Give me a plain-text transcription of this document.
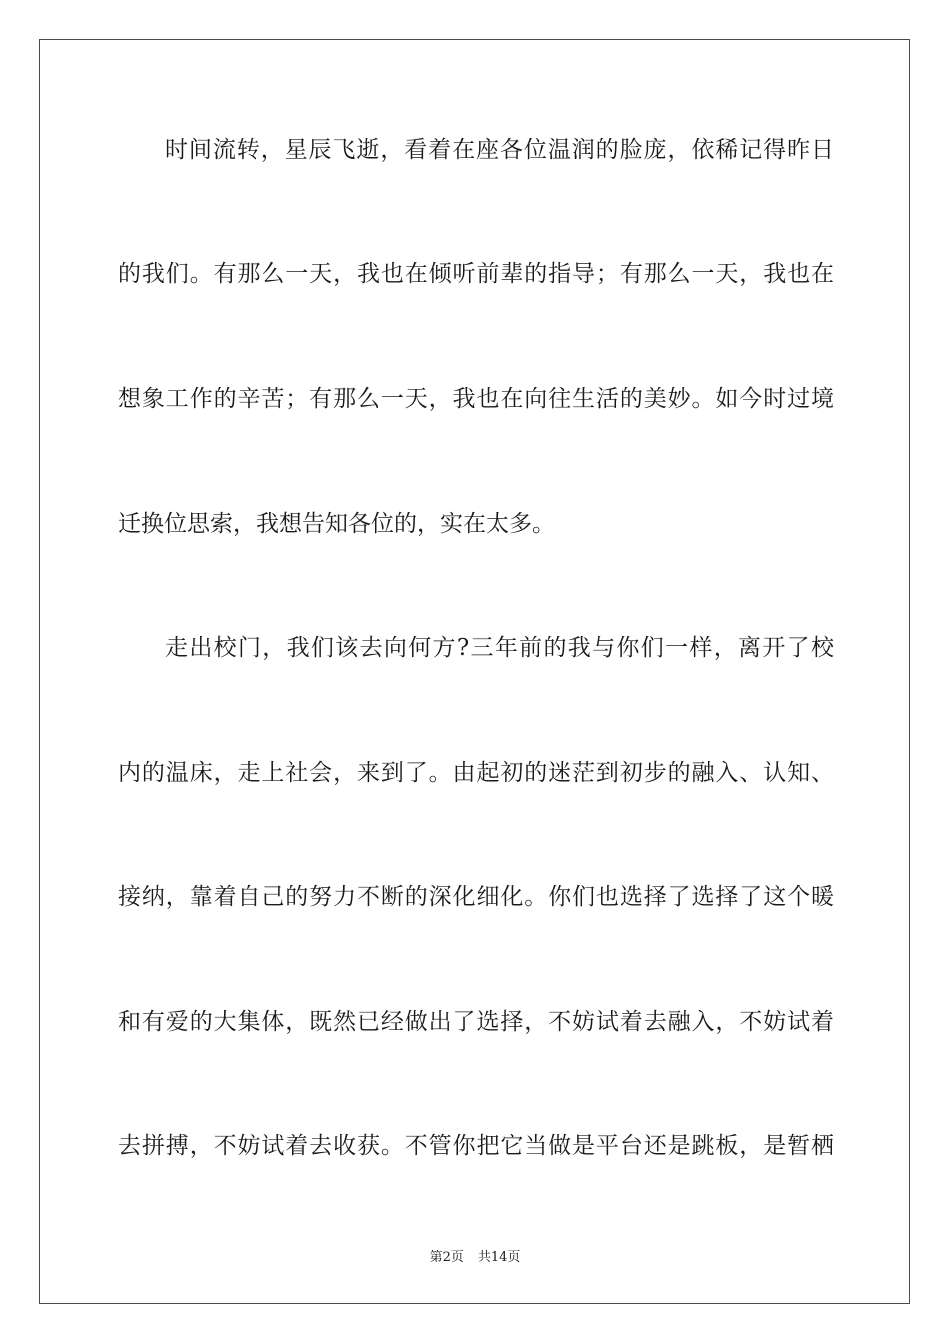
时间流转，星辰飞逝，看着在座各位温润的脸庞，依稀记得昨日
的我们。有那么一天，我也在倾听前辈的指导；有那么一天，我也在
想象工作的辛苦；有那么一天，我也在向往生活的美妙。如今时过境
迁换位思索，我想告知各位的，实在太多。
走出校门，我们该去向何方?三年前的我与你们一样，离开了校
内的温床，走上社会，来到了。由起初的迷茫到初步的融入、认知、
接纳，靠着自己的努力不断的深化细化。你们也选择了选择了这个暖
和有爱的大集体，既然已经做出了选择，不妨试着去融入，不妨试着
去拼搏，不妨试着去收获。不管你把它当做是平台还是跳板，是暂栖
第2页 共14页
